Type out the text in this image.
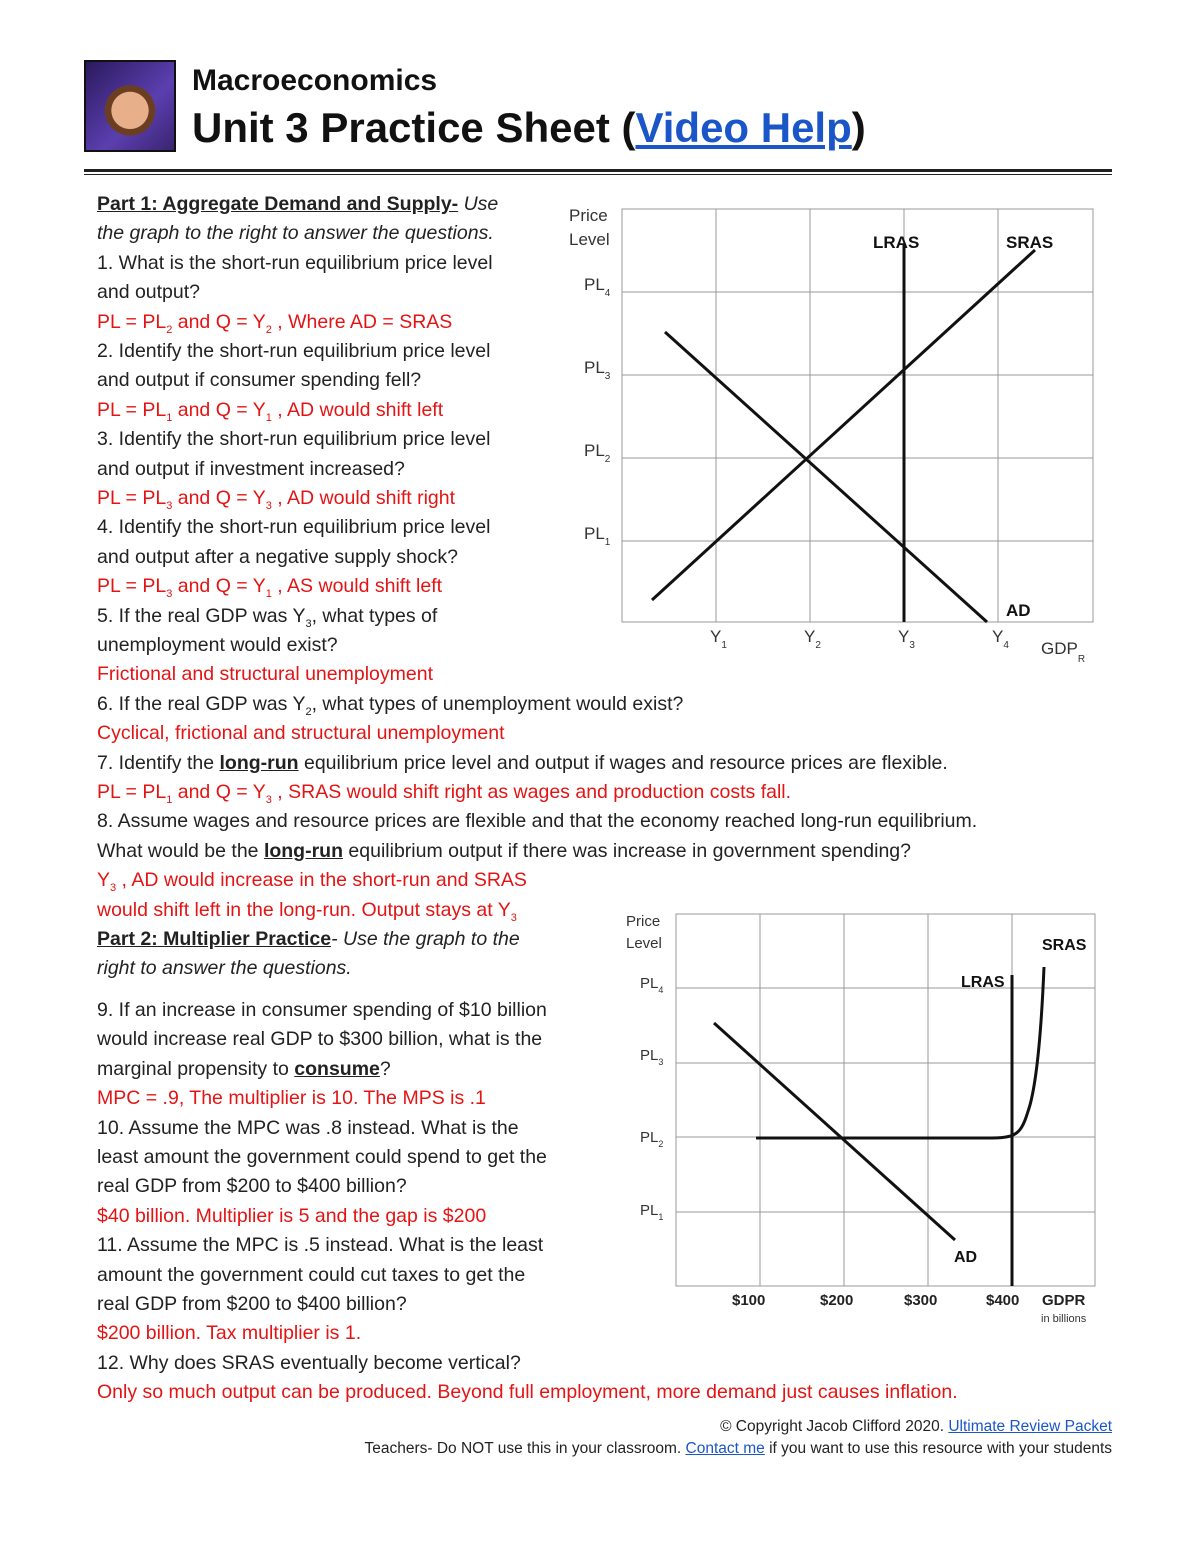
Macroeconomics
Unit 3 Practice Sheet (Video Help)
Part 1: Aggregate Demand and Supply- Use
the graph to the right to answer the questions.
1. What is the short-run equilibrium price level
and output?
PL = $PL_2$ and $Q = Y_2$ , Where AD = SRAS
2. Identify the short-run equilibrium price level
and output if consumer spending fell?
PL = $PL_1$ and $Q = Y_1$ , AD would shift left
3. Identify the short-run equilibrium price level
and output if investment increased?
PL = $PL_3$ and $Q = Y_3$ , AD would shift right
4. Identify the short-run equilibrium price level
and output after a negative supply shock?
PL = $PL_3$ and $Q = Y_1$ , AS would shift left
5. If the real GDP was $Y_3$, what types of
unemployment would exist?
Frictional and structural unemployment
6. If the real GDP was $Y_2$, what types of unemployment would exist?
Cyclical, frictional and structural unemployment
7. Identify the long-run equilibrium price level and output if wages and resource prices are flexible.
PL = $PL_1$ and $Q = Y_3$ , SRAS would shift right as wages and production costs fall.
8. Assume wages and resource prices are flexible and that the economy reached long-run equilibrium.
What would be the long-run equilibrium output if there was increase in government spending?
$Y_3$ , AD would increase in the short-run and SRAS
would shift left in the long-run. Output stays at $Y_3$
Part 2: Multiplier Practice- Use the graph to the
right to answer the questions.
9. If an increase in consumer spending of $10 billion
would increase real GDP to $300 billion, what is the
marginal propensity to consume?
MPC = .9, The multiplier is 10. The MPS is .1
10. Assume the MPC was .8 instead. What is the
least amount the government could spend to get the
real GDP from $200 to $400 billion?
$40 billion. Multiplier is 5 and the gap is $200
11. Assume the MPC is .5 instead. What is the least
amount the government could cut taxes to get the
real GDP from $200 to $400 billion?
$200 billion. Tax multiplier is 1.
12. Why does SRAS eventually become vertical?
Only so much output can be produced. Beyond full employment, more demand just causes inflation.
Price
Level
$PL_4$
$PL_3$
$PL_2$
$PL_1$
$Y_1$	$Y_2$	$Y_3$	$Y_4$ $GDP_R$
LRAS	SRAS
AD
Price
Level
$PL_4$
$PL_3$
$PL_2$
$PL_1$
$100	$200	$300	$400 GDPR
in billions
SRAS
LRAS
AD
© Copyright Jacob Clifford 2020. Ultimate Review Packet
Teachers- Do NOT use this in your classroom. Contact me if you want to use this resource with your students
